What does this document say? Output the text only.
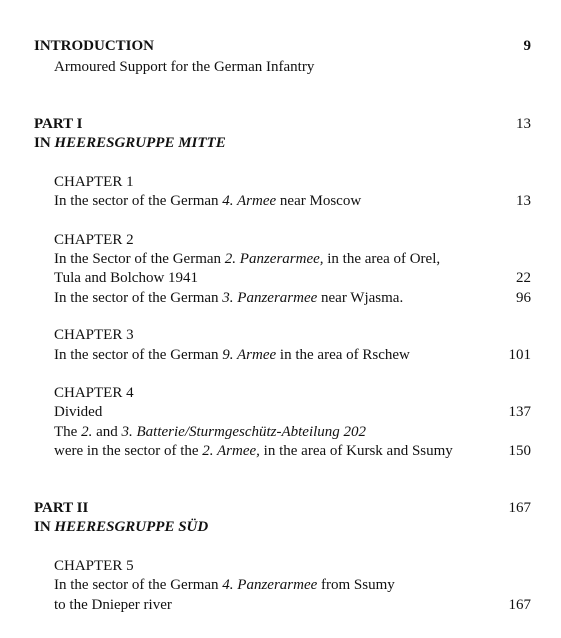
INTRODUCTION	9
Armoured Support for the German Infantry
PART I	13
IN HEERESGRUPPE MITTE
CHAPTER 1
In the sector of the German 4. Armee near Moscow	13
CHAPTER 2
In the Sector of the German 2. Panzerarmee, in the area of Orel,
Tula and Bolchow 1941	22
In the sector of the German 3. Panzerarmee near Wjasma.	96
CHAPTER 3
In the sector of the German 9. Armee in the area of Rschew	101
CHAPTER 4
Divided	137
The 2. and 3. Batterie/Sturmgeschütz-Abteilung 202
were in the sector of the 2. Armee, in the area of Kursk and Ssumy	150
PART II	167
IN HEERESGRUPPE SÜD
CHAPTER 5
In the sector of the German 4. Panzerarmee from Ssumy
to the Dnieper river	167
